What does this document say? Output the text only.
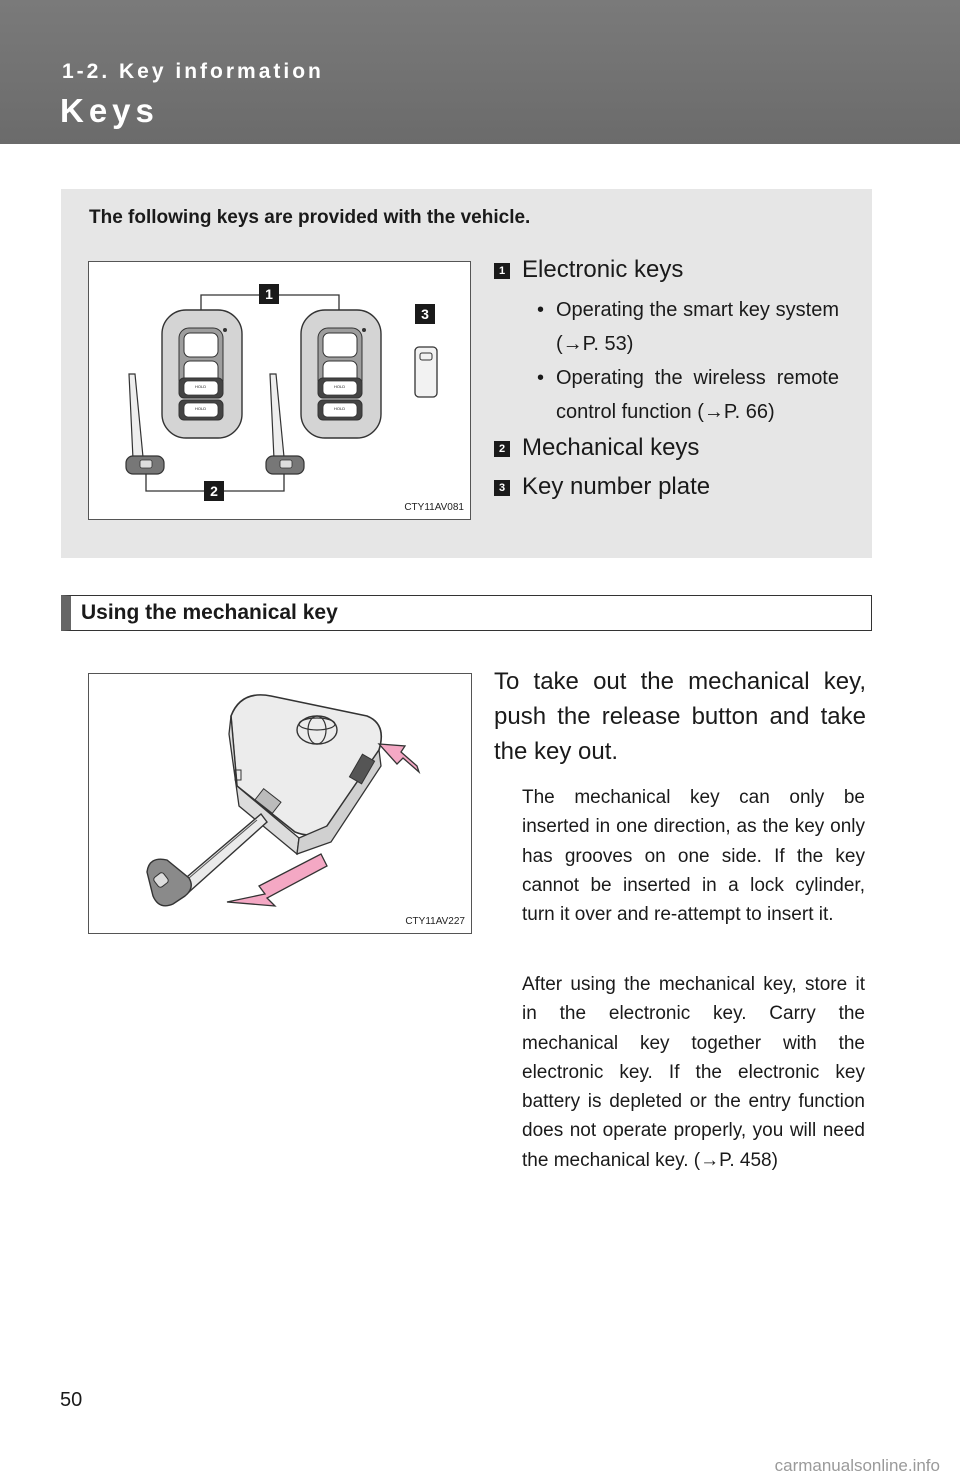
1-2. Key information
Keys
The following keys are provided with the vehicle.
1
2
3
HOLD
HOLD
HOLD
HOLD
CTY11AV081
1 Electronic keys
• Operating the smart key system (→P. 53)
• Operating the wireless remote control function (→P. 66)
2 Mechanical keys
3 Key number plate
Using the mechanical key
CTY11AV227

To take out the mechanical key, push the release button and take the key out.

The mechanical key can only be inserted in one direction, as the key only has grooves on one side. If the key cannot be inserted in a lock cylinder, turn it over and re-attempt to insert it.

After using the mechanical key, store it in the electronic key. Carry the mechanical key together with the electronic key. If the electronic key battery is depleted or the entry function does not operate properly, you will need the mechanical key. (→P. 458)

50
carmanualsonline.info
